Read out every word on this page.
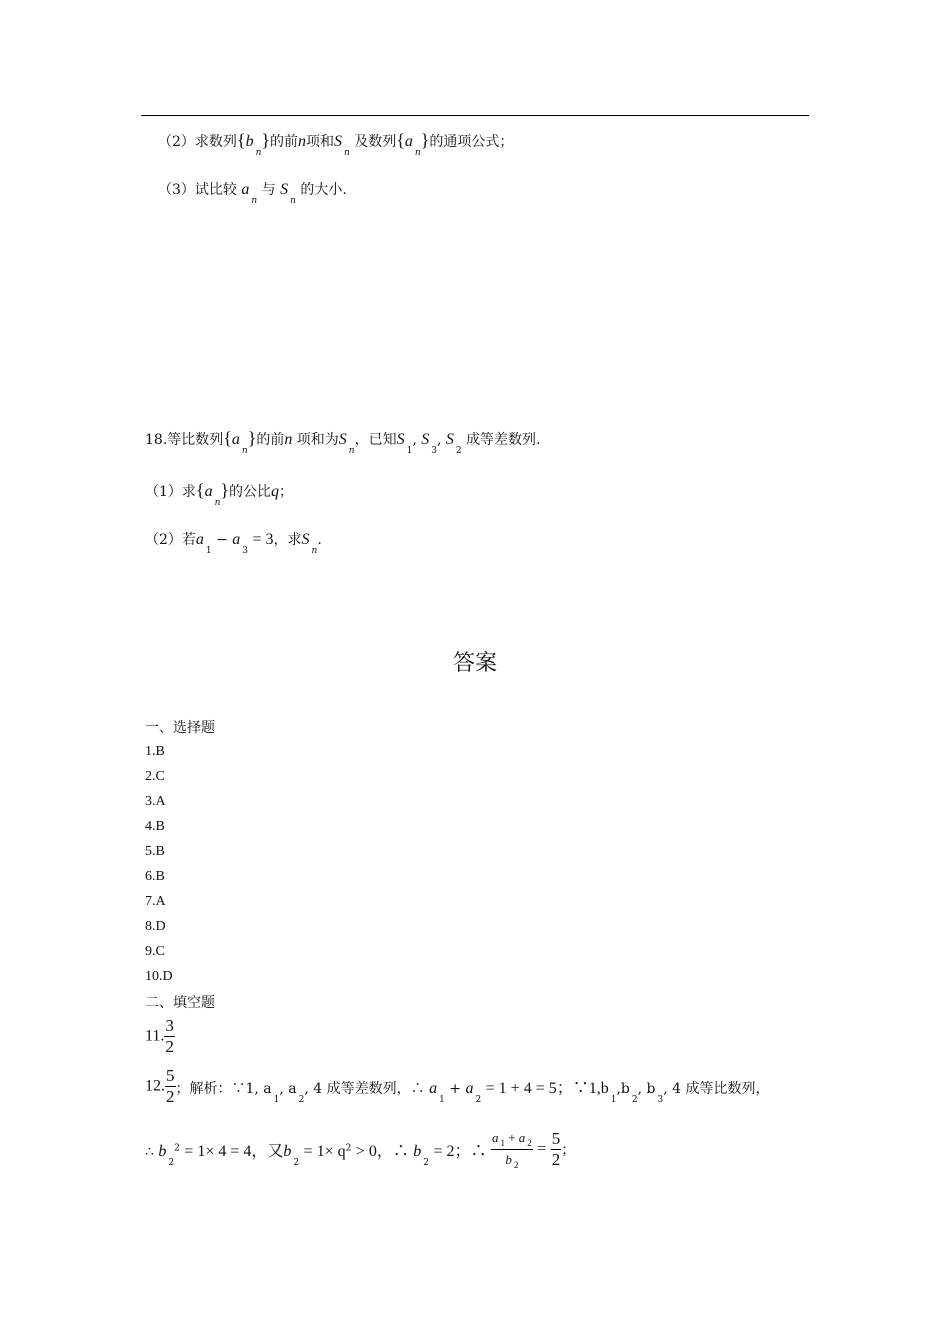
（2）求数列$\{b_n\}$的前n项和$S_n$ 及数列$\{a_n\}$的通项公式；
（3）试比较 $a_n$ 与 $S_n$ 的大小.
18.等比数列$\{a_n\}$的前n 项和为$S_n$，已知$S_1$, $S_3$, $S_2$ 成等差数列.
（1）求$\{a_n\}$的公比q；
（2）若$a_1 - a_3 = 3$，求$S_n$.
答案
一、选择题
1.B
2.C
3.A
4.B
5.B
6.B
7.A
8.D
9.C
10.D
二、填空题
11. $\frac{3}{2}$
12. $\frac{5}{2}$ ；解析：∵1, $a_1$, $a_2$, 4 成等差数列，∴ $a_1 + a_2 = 1 + 4 = 5$；$\because 1,b_1,b_2$, $b_3$, 4 成等比数列，
∴ $b_2^2 = 1\times 4 = 4$，又$b_2 = 1\times q^2 > 0$，∴ $b_2 = 2$；∴ $\frac{a _1 + a _2}{b _2} = \frac{5}{2}$ ；
